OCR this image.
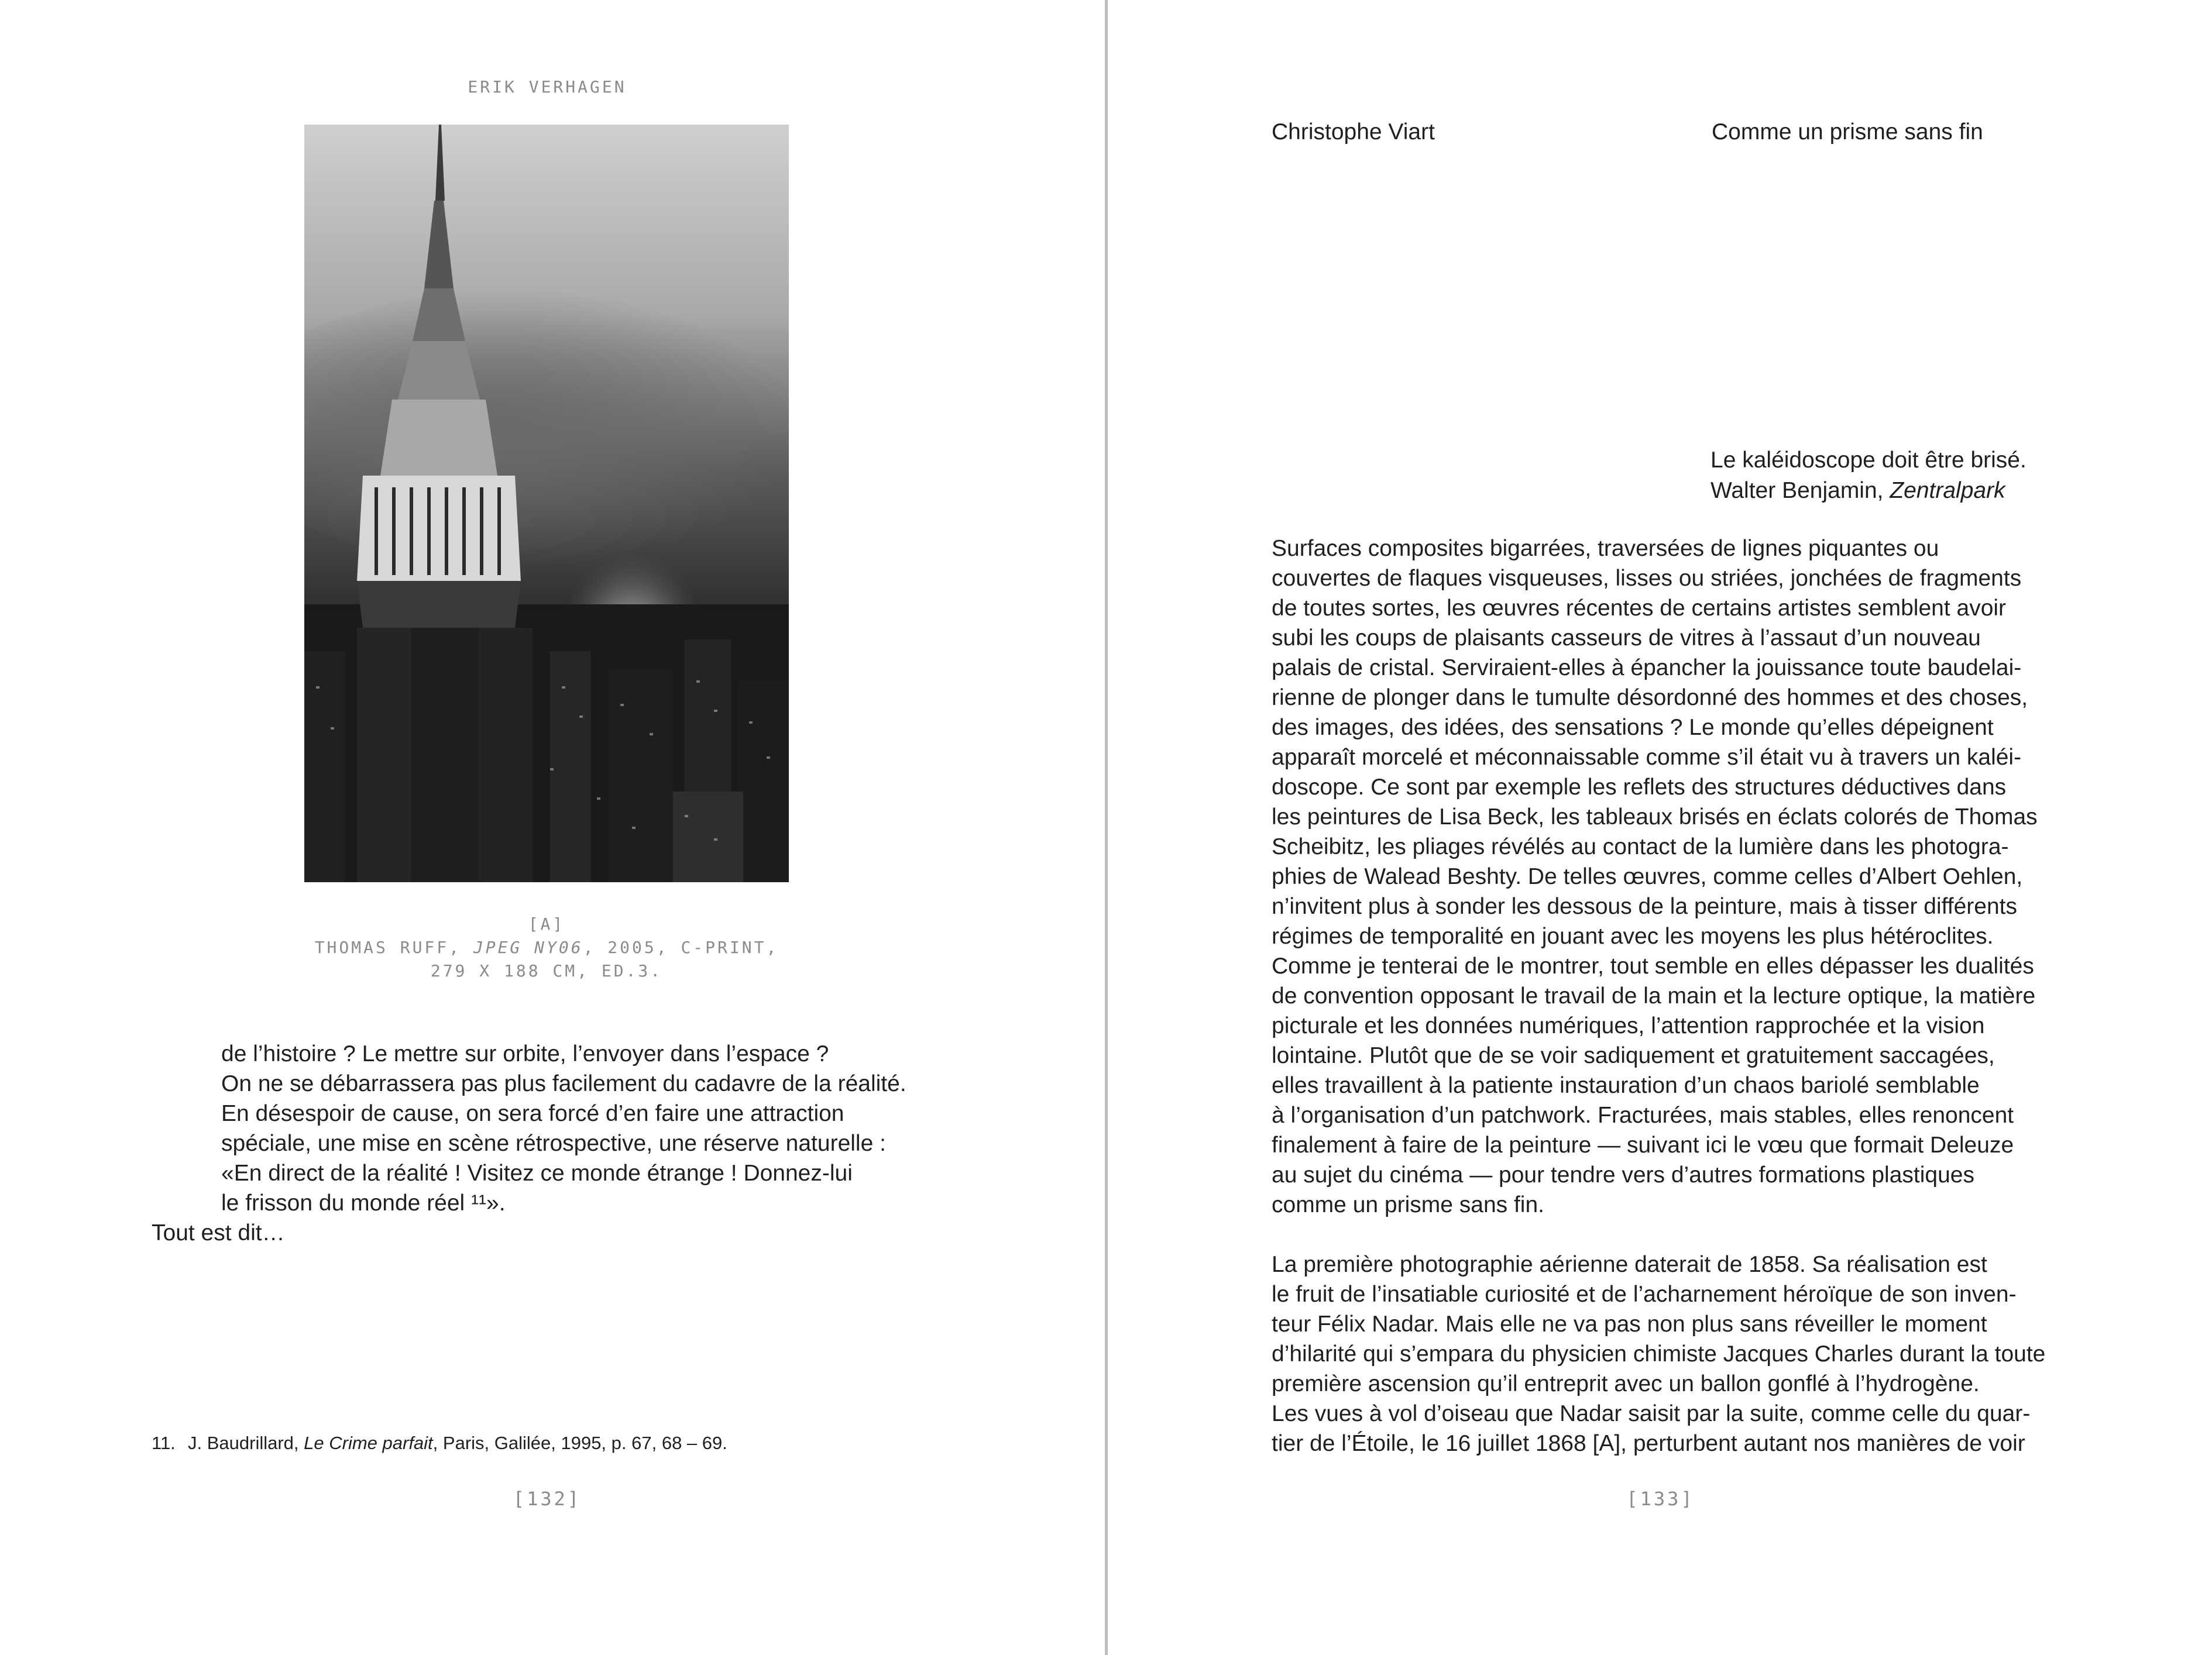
ERIK VERHAGEN
[A]
THOMAS RUFF, JPEG NY06, 2005, C-PRINT,
279 X 188 CM, ED.3.

de l’histoire ? Le mettre sur orbite, l’envoyer dans l’espace ?

On ne se débarrassera pas plus facilement du cadavre de la réalité.

En désespoir de cause, on sera forcé d’en faire une attraction

spéciale, une mise en scène rétrospective, une réserve naturelle :

«En direct de la réalité ! Visitez ce monde étrange ! Donnez-lui

le frisson du monde réel ¹¹».

Tout est dit…
11. J. Baudrillard, Le Crime parfait, Paris, Galilée, 1995, p. 67, 68 – 69.
[132]
Christophe Viart	Comme un prisme sans fin
Le kaléidoscope doit être brisé.
Walter Benjamin, Zentralpark

Surfaces composites bigarrées, traversées de lignes piquantes ou

couvertes de flaques visqueuses, lisses ou striées, jonchées de fragments

de toutes sortes, les œuvres récentes de certains artistes semblent avoir

subi les coups de plaisants casseurs de vitres à l’assaut d’un nouveau

palais de cristal. Serviraient-elles à épancher la jouissance toute baudelai-

rienne de plonger dans le tumulte désordonné des hommes et des choses,

des images, des idées, des sensations ? Le monde qu’elles dépeignent

apparaît morcelé et méconnaissable comme s’il était vu à travers un kaléi-

doscope. Ce sont par exemple les reflets des structures déductives dans

les peintures de Lisa Beck, les tableaux brisés en éclats colorés de Thomas

Scheibitz, les pliages révélés au contact de la lumière dans les photogra-

phies de Walead Beshty. De telles œuvres, comme celles d’Albert Oehlen,

n’invitent plus à sonder les dessous de la peinture, mais à tisser différents

régimes de temporalité en jouant avec les moyens les plus hétéroclites.

Comme je tenterai de le montrer, tout semble en elles dépasser les dualités

de convention opposant le travail de la main et la lecture optique, la matière

picturale et les données numériques, l’attention rapprochée et la vision

lointaine. Plutôt que de se voir sadiquement et gratuitement saccagées,

elles travaillent à la patiente instauration d’un chaos bariolé semblable

à l’organisation d’un patchwork. Fracturées, mais stables, elles renoncent

finalement à faire de la peinture — suivant ici le vœu que formait Deleuze

au sujet du cinéma — pour tendre vers d’autres formations plastiques

comme un prisme sans fin.

La première photographie aérienne daterait de 1858. Sa réalisation est

le fruit de l’insatiable curiosité et de l’acharnement héroïque de son inven-

teur Félix Nadar. Mais elle ne va pas non plus sans réveiller le moment

d’hilarité qui s’empara du physicien chimiste Jacques Charles durant la toute

première ascension qu’il entreprit avec un ballon gonflé à l’hydrogène.

Les vues à vol d’oiseau que Nadar saisit par la suite, comme celle du quar-

tier de l’Étoile, le 16 juillet 1868 [A], perturbent autant nos manières de voir

[133]
